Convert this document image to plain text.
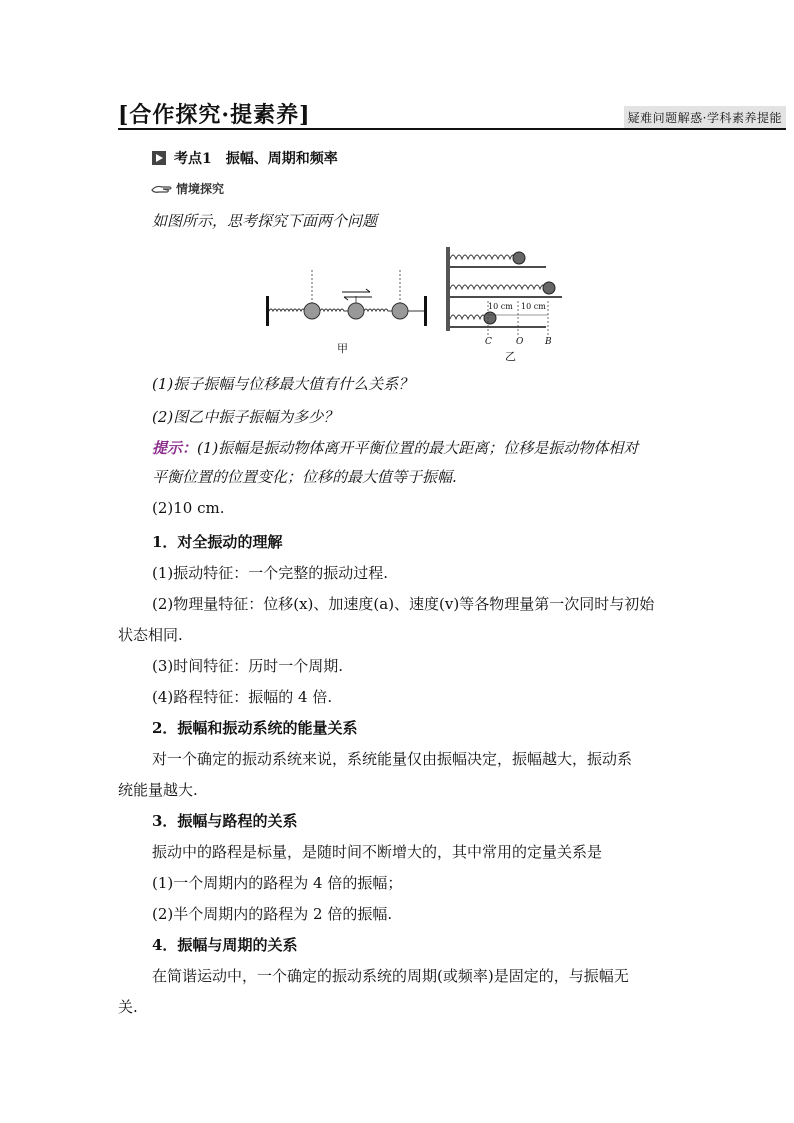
[合作探究·提素养]	疑难问题解惑·学科素养提能
考点1 振幅、周期和频率
情境探究
如图所示，思考探究下面两个问题
甲
10 cm 10 cm
C	O B
乙
(1)振子振幅与位移最大值有什么关系？
(2)图乙中振子振幅为多少？
提示：(1)振幅是振动物体离开平衡位置的最大距离；位移是振动物体相对
平衡位置的位置变化；位移的最大值等于振幅.
(2)10 cm.
1．对全振动的理解
(1)振动特征：一个完整的振动过程.
(2)物理量特征：位移(x)、加速度(a)、速度(v)等各物理量第一次同时与初始
状态相同.
(3)时间特征：历时一个周期.
(4)路程特征：振幅的 4 倍.
2．振幅和振动系统的能量关系
对一个确定的振动系统来说，系统能量仅由振幅决定，振幅越大，振动系
统能量越大.
3．振幅与路程的关系
振动中的路程是标量，是随时间不断增大的，其中常用的定量关系是
(1)一个周期内的路程为 4 倍的振幅；
(2)半个周期内的路程为 2 倍的振幅.
4．振幅与周期的关系
在简谐运动中，一个确定的振动系统的周期(或频率)是固定的，与振幅无
关.
